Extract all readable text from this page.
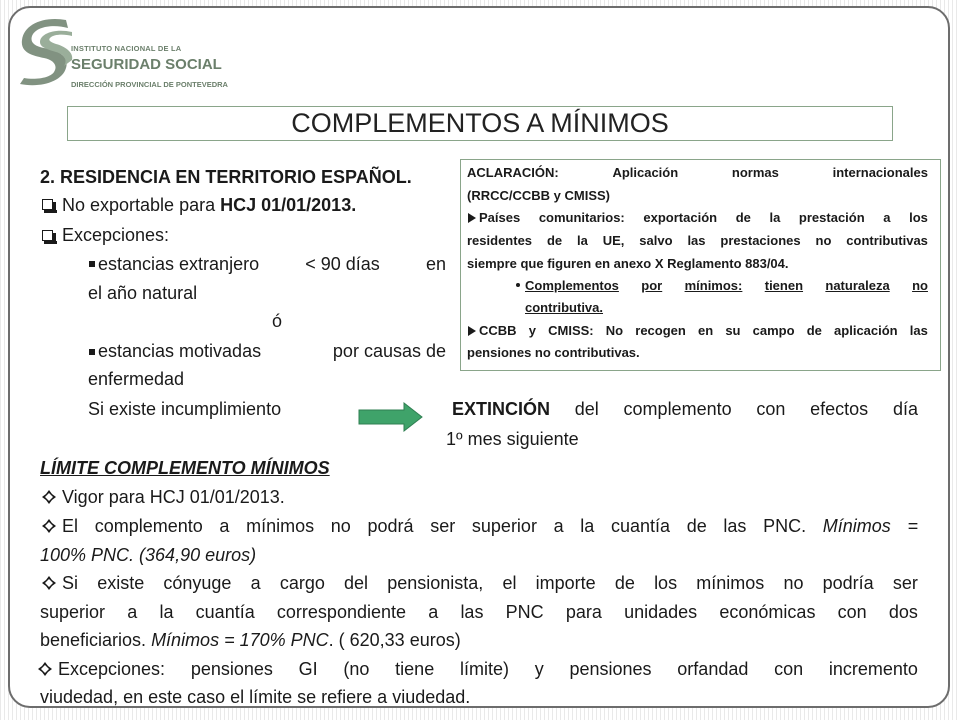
INSTITUTO NACIONAL DE LA
SEGURIDAD SOCIAL
DIRECCIÓN PROVINCIAL DE PONTEVEDRA
COMPLEMENTOS A MÍNIMOS
2. RESIDENCIA EN TERRITORIO ESPAÑOL.
No exportable para HCJ 01/01/2013.
Excepciones:
estancias extranjero	< 90 días	en
el año natural
ó
estancias motivadas	por causas de
enfermedad
Si existe incumplimiento	EXTINCIÓN del complemento con efectos día
1º mes siguiente
ACLARACIÓN:	Aplicación	normas	internacionales
(RRCC/CCBB y CMISS)
Países comunitarios: exportación de la prestación a los
residentes de la UE, salvo las prestaciones no contributivas
siempre que figuren en anexo X Reglamento 883/04.
Complementos por mínimos: tienen naturaleza no
contributiva.
CCBB y CMISS: No recogen en su campo de aplicación las
pensiones no contributivas.
LÍMITE COMPLEMENTO MÍNIMOS
Vigor para HCJ 01/01/2013.
El complemento a mínimos no podrá ser superior a la cuantía de las PNC. Mínimos =
100% PNC. (364,90 euros)
Si existe cónyuge a cargo del pensionista, el importe de los mínimos no podría ser
superior a la cuantía correspondiente a las PNC para unidades económicas con dos
beneficiarios. Mínimos = 170% PNC. ( 620,33 euros)
Excepciones: pensiones GI (no tiene límite) y pensiones orfandad con incremento
viudedad, en este caso el límite se refiere a viudedad.
